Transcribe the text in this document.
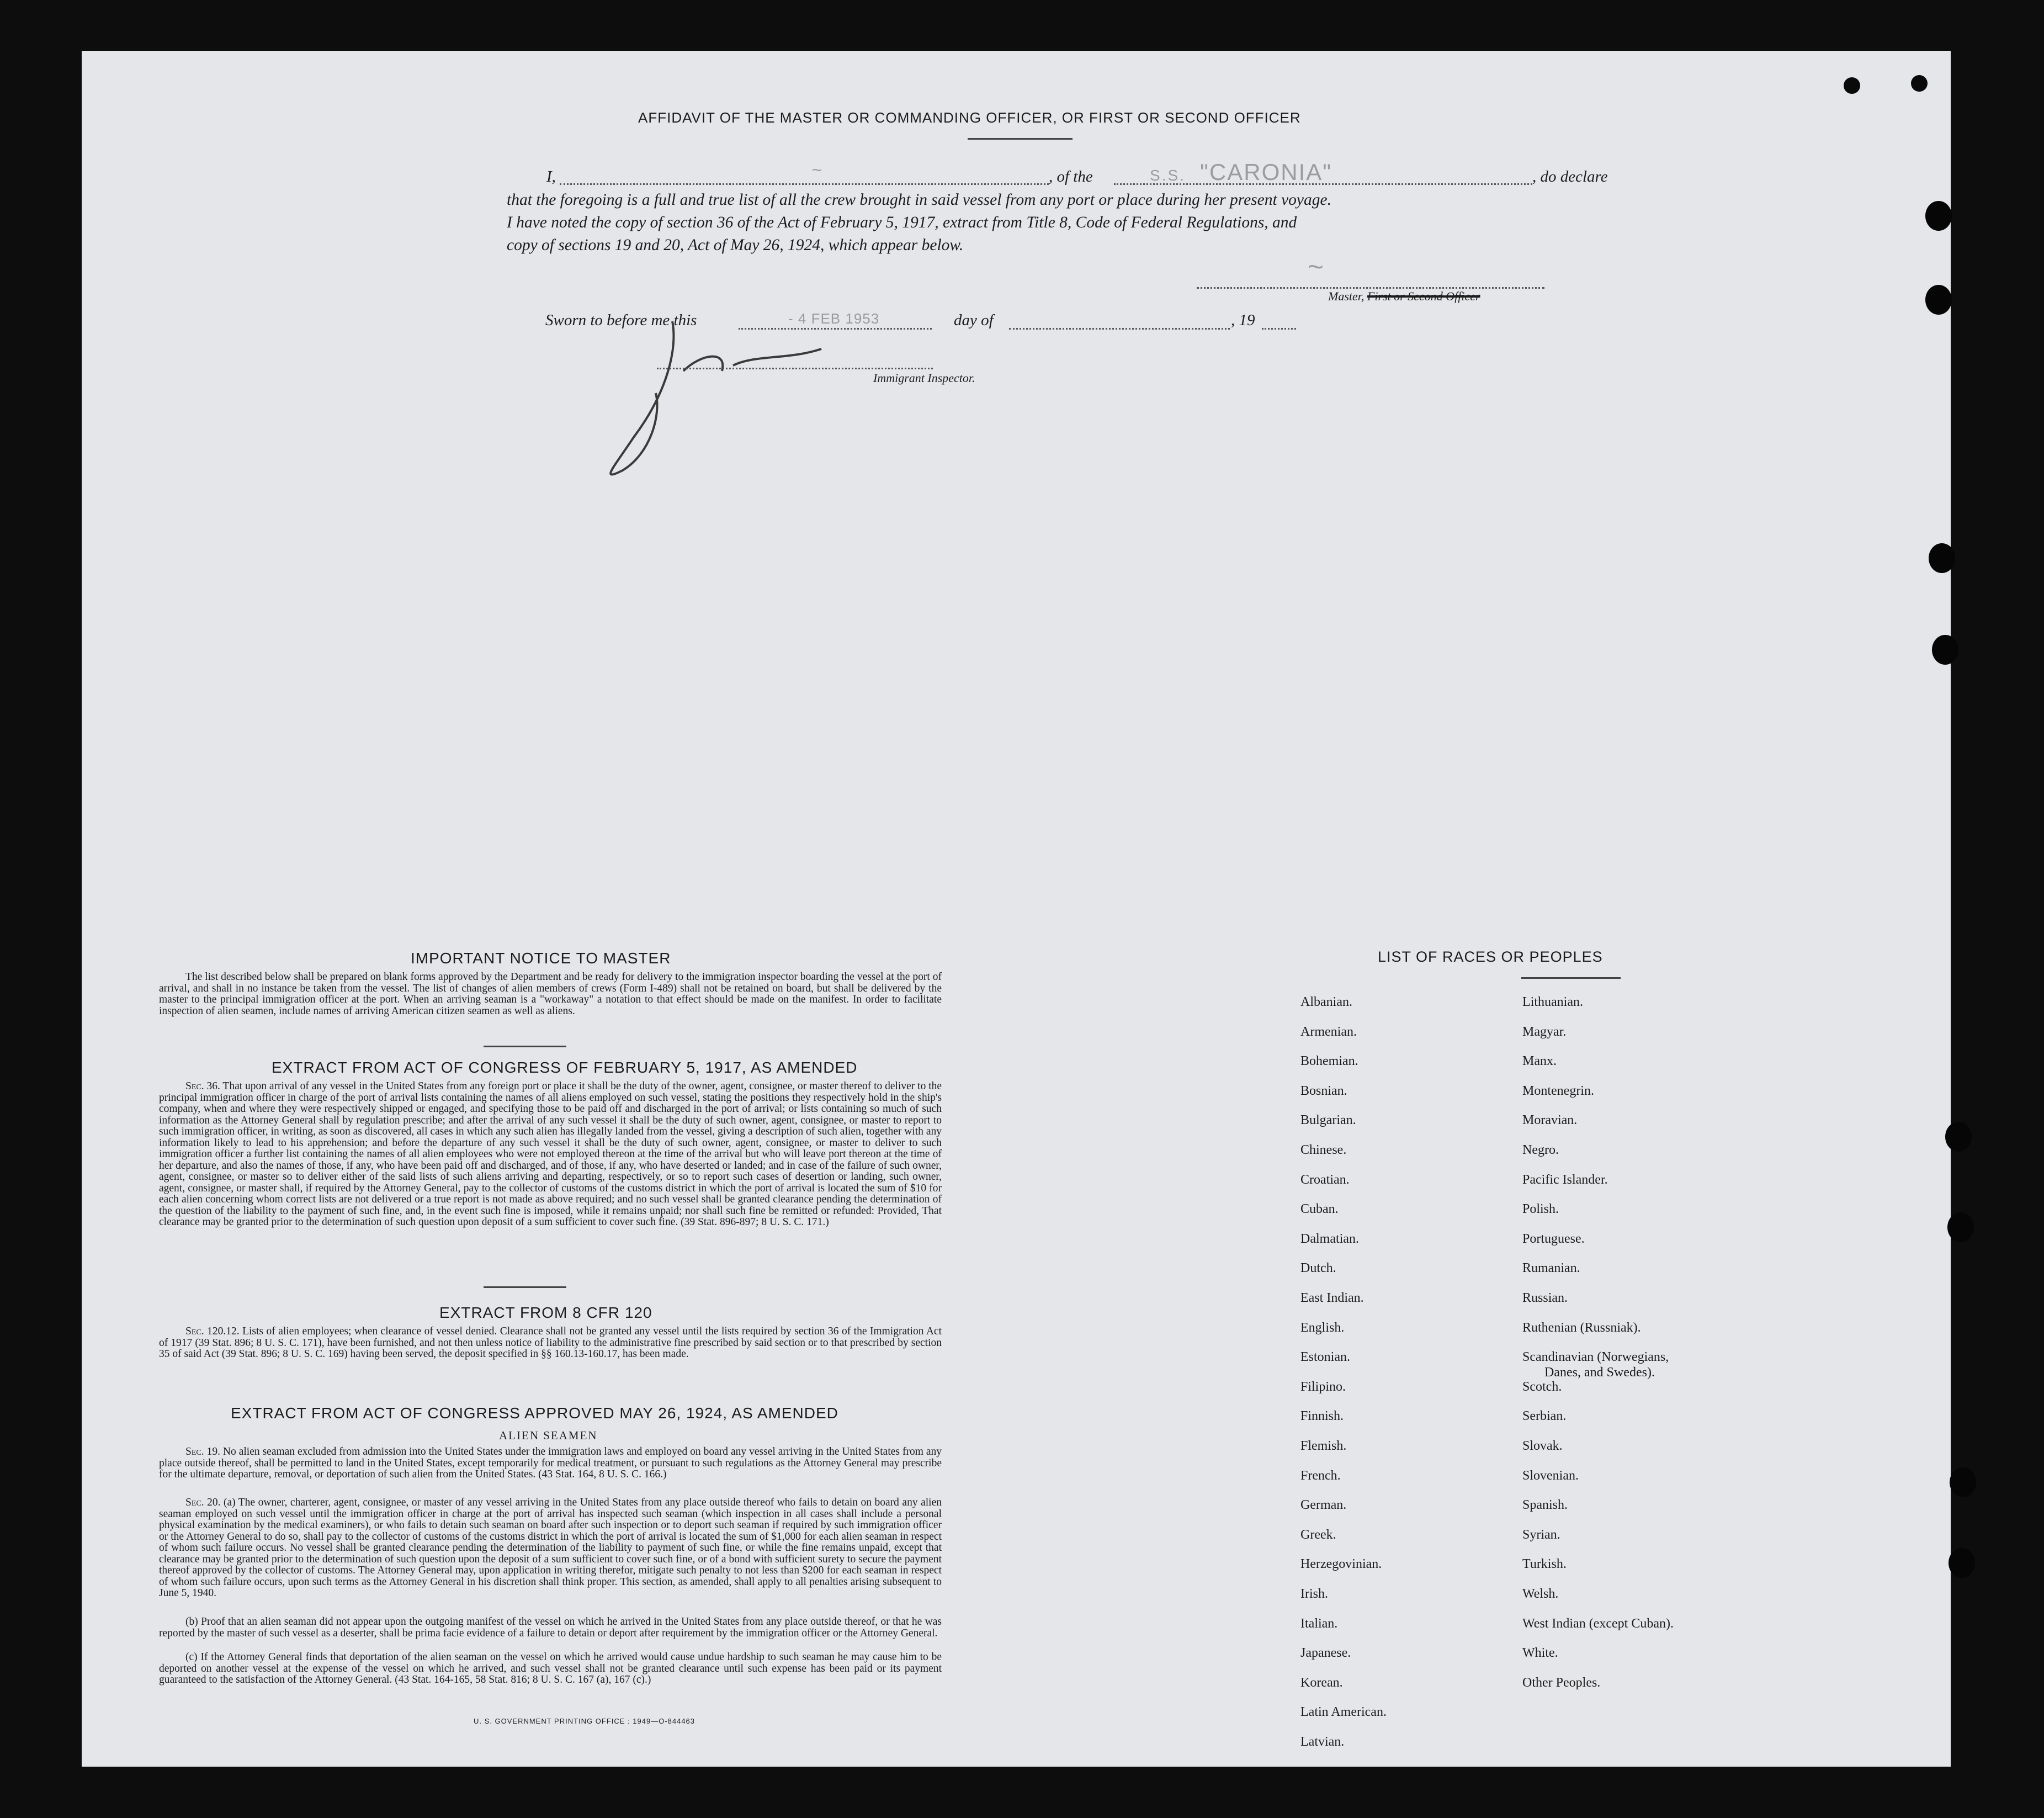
AFFIDAVIT OF THE MASTER OR COMMANDING OFFICER, OR FIRST OR SECOND OFFICER
I,	~	, of the	S.S. "CARONIA"	, do declare
that the foregoing is a full and true list of all the crew brought in said vessel from any port or place during her present voyage.
I have noted the copy of section 36 of the Act of February 5, 1917, extract from Title 8, Code of Federal Regulations, and
copy of sections 19 and 20, Act of May 26, 1924, which appear below.
~
Master, First or Second Officer
Sworn to before me this	- 4 FEB 1953	day of	, 19
Immigrant Inspector.
IMPORTANT NOTICE TO MASTER
The list described below shall be prepared on blank forms approved by the Department and be ready for delivery to the immigration inspector boarding the vessel at the port of arrival, and shall in no instance be taken from the vessel. The list of changes of alien members of crews (Form I-489) shall not be retained on board, but shall be delivered by the master to the principal immigration officer at the port. When an arriving seaman is a "workaway" a notation to that effect should be made on the manifest. In order to facilitate inspection of alien seamen, include names of arriving American citizen seamen as well as aliens.
EXTRACT FROM ACT OF CONGRESS OF FEBRUARY 5, 1917, AS AMENDED
Sec. 36. That upon arrival of any vessel in the United States from any foreign port or place it shall be the duty of the owner, agent, consignee, or master thereof to deliver to the principal immigration officer in charge of the port of arrival lists containing the names of all aliens employed on such vessel, stating the positions they respectively hold in the ship's company, when and where they were respectively shipped or engaged, and specifying those to be paid off and discharged in the port of arrival; or lists containing so much of such information as the Attorney General shall by regulation prescribe; and after the arrival of any such vessel it shall be the duty of such owner, agent, consignee, or master to report to such immigration officer, in writing, as soon as discovered, all cases in which any such alien has illegally landed from the vessel, giving a description of such alien, together with any information likely to lead to his apprehension; and before the departure of any such vessel it shall be the duty of such owner, agent, consignee, or master to deliver to such immigration officer a further list containing the names of all alien employees who were not employed thereon at the time of the arrival but who will leave port thereon at the time of her departure, and also the names of those, if any, who have been paid off and discharged, and of those, if any, who have deserted or landed; and in case of the failure of such owner, agent, consignee, or master so to deliver either of the said lists of such aliens arriving and departing, respectively, or so to report such cases of desertion or landing, such owner, agent, consignee, or master shall, if required by the Attorney General, pay to the collector of customs of the customs district in which the port of arrival is located the sum of $10 for each alien concerning whom correct lists are not delivered or a true report is not made as above required; and no such vessel shall be granted clearance pending the determination of the question of the liability to the payment of such fine, and, in the event such fine is imposed, while it remains unpaid; nor shall such fine be remitted or refunded: Provided, That clearance may be granted prior to the determination of such question upon deposit of a sum sufficient to cover such fine. (39 Stat. 896-897; 8 U. S. C. 171.)
EXTRACT FROM 8 CFR 120
Sec. 120.12. Lists of alien employees; when clearance of vessel denied. Clearance shall not be granted any vessel until the lists required by section 36 of the Immigration Act of 1917 (39 Stat. 896; 8 U. S. C. 171), have been furnished, and not then unless notice of liability to the administrative fine prescribed by said section or to that prescribed by section 35 of said Act (39 Stat. 896; 8 U. S. C. 169) having been served, the deposit specified in §§ 160.13-160.17, has been made.
EXTRACT FROM ACT OF CONGRESS APPROVED MAY 26, 1924, AS AMENDED
ALIEN SEAMEN
Sec. 19. No alien seaman excluded from admission into the United States under the immigration laws and employed on board any vessel arriving in the United States from any place outside thereof, shall be permitted to land in the United States, except temporarily for medical treatment, or pursuant to such regulations as the Attorney General may prescribe for the ultimate departure, removal, or deportation of such alien from the United States. (43 Stat. 164, 8 U. S. C. 166.)
Sec. 20. (a) The owner, charterer, agent, consignee, or master of any vessel arriving in the United States from any place outside thereof who fails to detain on board any alien seaman employed on such vessel until the immigration officer in charge at the port of arrival has inspected such seaman (which inspection in all cases shall include a personal physical examination by the medical examiners), or who fails to detain such seaman on board after such inspection or to deport such seaman if required by such immigration officer or the Attorney General to do so, shall pay to the collector of customs of the customs district in which the port of arrival is located the sum of $1,000 for each alien seaman in respect of whom such failure occurs. No vessel shall be granted clearance pending the determination of the liability to payment of such fine, or while the fine remains unpaid, except that clearance may be granted prior to the determination of such question upon the deposit of a sum sufficient to cover such fine, or of a bond with sufficient surety to secure the payment thereof approved by the collector of customs. The Attorney General may, upon application in writing therefor, mitigate such penalty to not less than $200 for each seaman in respect of whom such failure occurs, upon such terms as the Attorney General in his discretion shall think proper. This section, as amended, shall apply to all penalties arising subsequent to June 5, 1940.
(b) Proof that an alien seaman did not appear upon the outgoing manifest of the vessel on which he arrived in the United States from any place outside thereof, or that he was reported by the master of such vessel as a deserter, shall be prima facie evidence of a failure to detain or deport after requirement by the immigration officer or the Attorney General.
(c) If the Attorney General finds that deportation of the alien seaman on the vessel on which he arrived would cause undue hardship to such seaman he may cause him to be deported on another vessel at the expense of the vessel on which he arrived, and such vessel shall not be granted clearance until such expense has been paid or its payment guaranteed to the satisfaction of the Attorney General. (43 Stat. 164-165, 58 Stat. 816; 8 U. S. C. 167 (a), 167 (c).)
U. S. GOVERNMENT PRINTING OFFICE : 1949—O-844463
LIST OF RACES OR PEOPLES
Albanian.
Armenian.
Bohemian.
Bosnian.
Bulgarian.
Chinese.
Croatian.
Cuban.
Dalmatian.
Dutch.
East Indian.
English.
Estonian.
Filipino.
Finnish.
Flemish.
French.
German.
Greek.
Herzegovinian.
Irish.
Italian.
Japanese.
Korean.
Latin American.
Latvian.
Lithuanian.
Magyar.
Manx.
Montenegrin.
Moravian.
Negro.
Pacific Islander.
Polish.
Portuguese.
Rumanian.
Russian.
Ruthenian (Russniak).
Scandinavian (Norwegians,
Danes, and Swedes).
Scotch.
Serbian.
Slovak.
Slovenian.
Spanish.
Syrian.
Turkish.
Welsh.
West Indian (except Cuban).
White.
Other Peoples.
